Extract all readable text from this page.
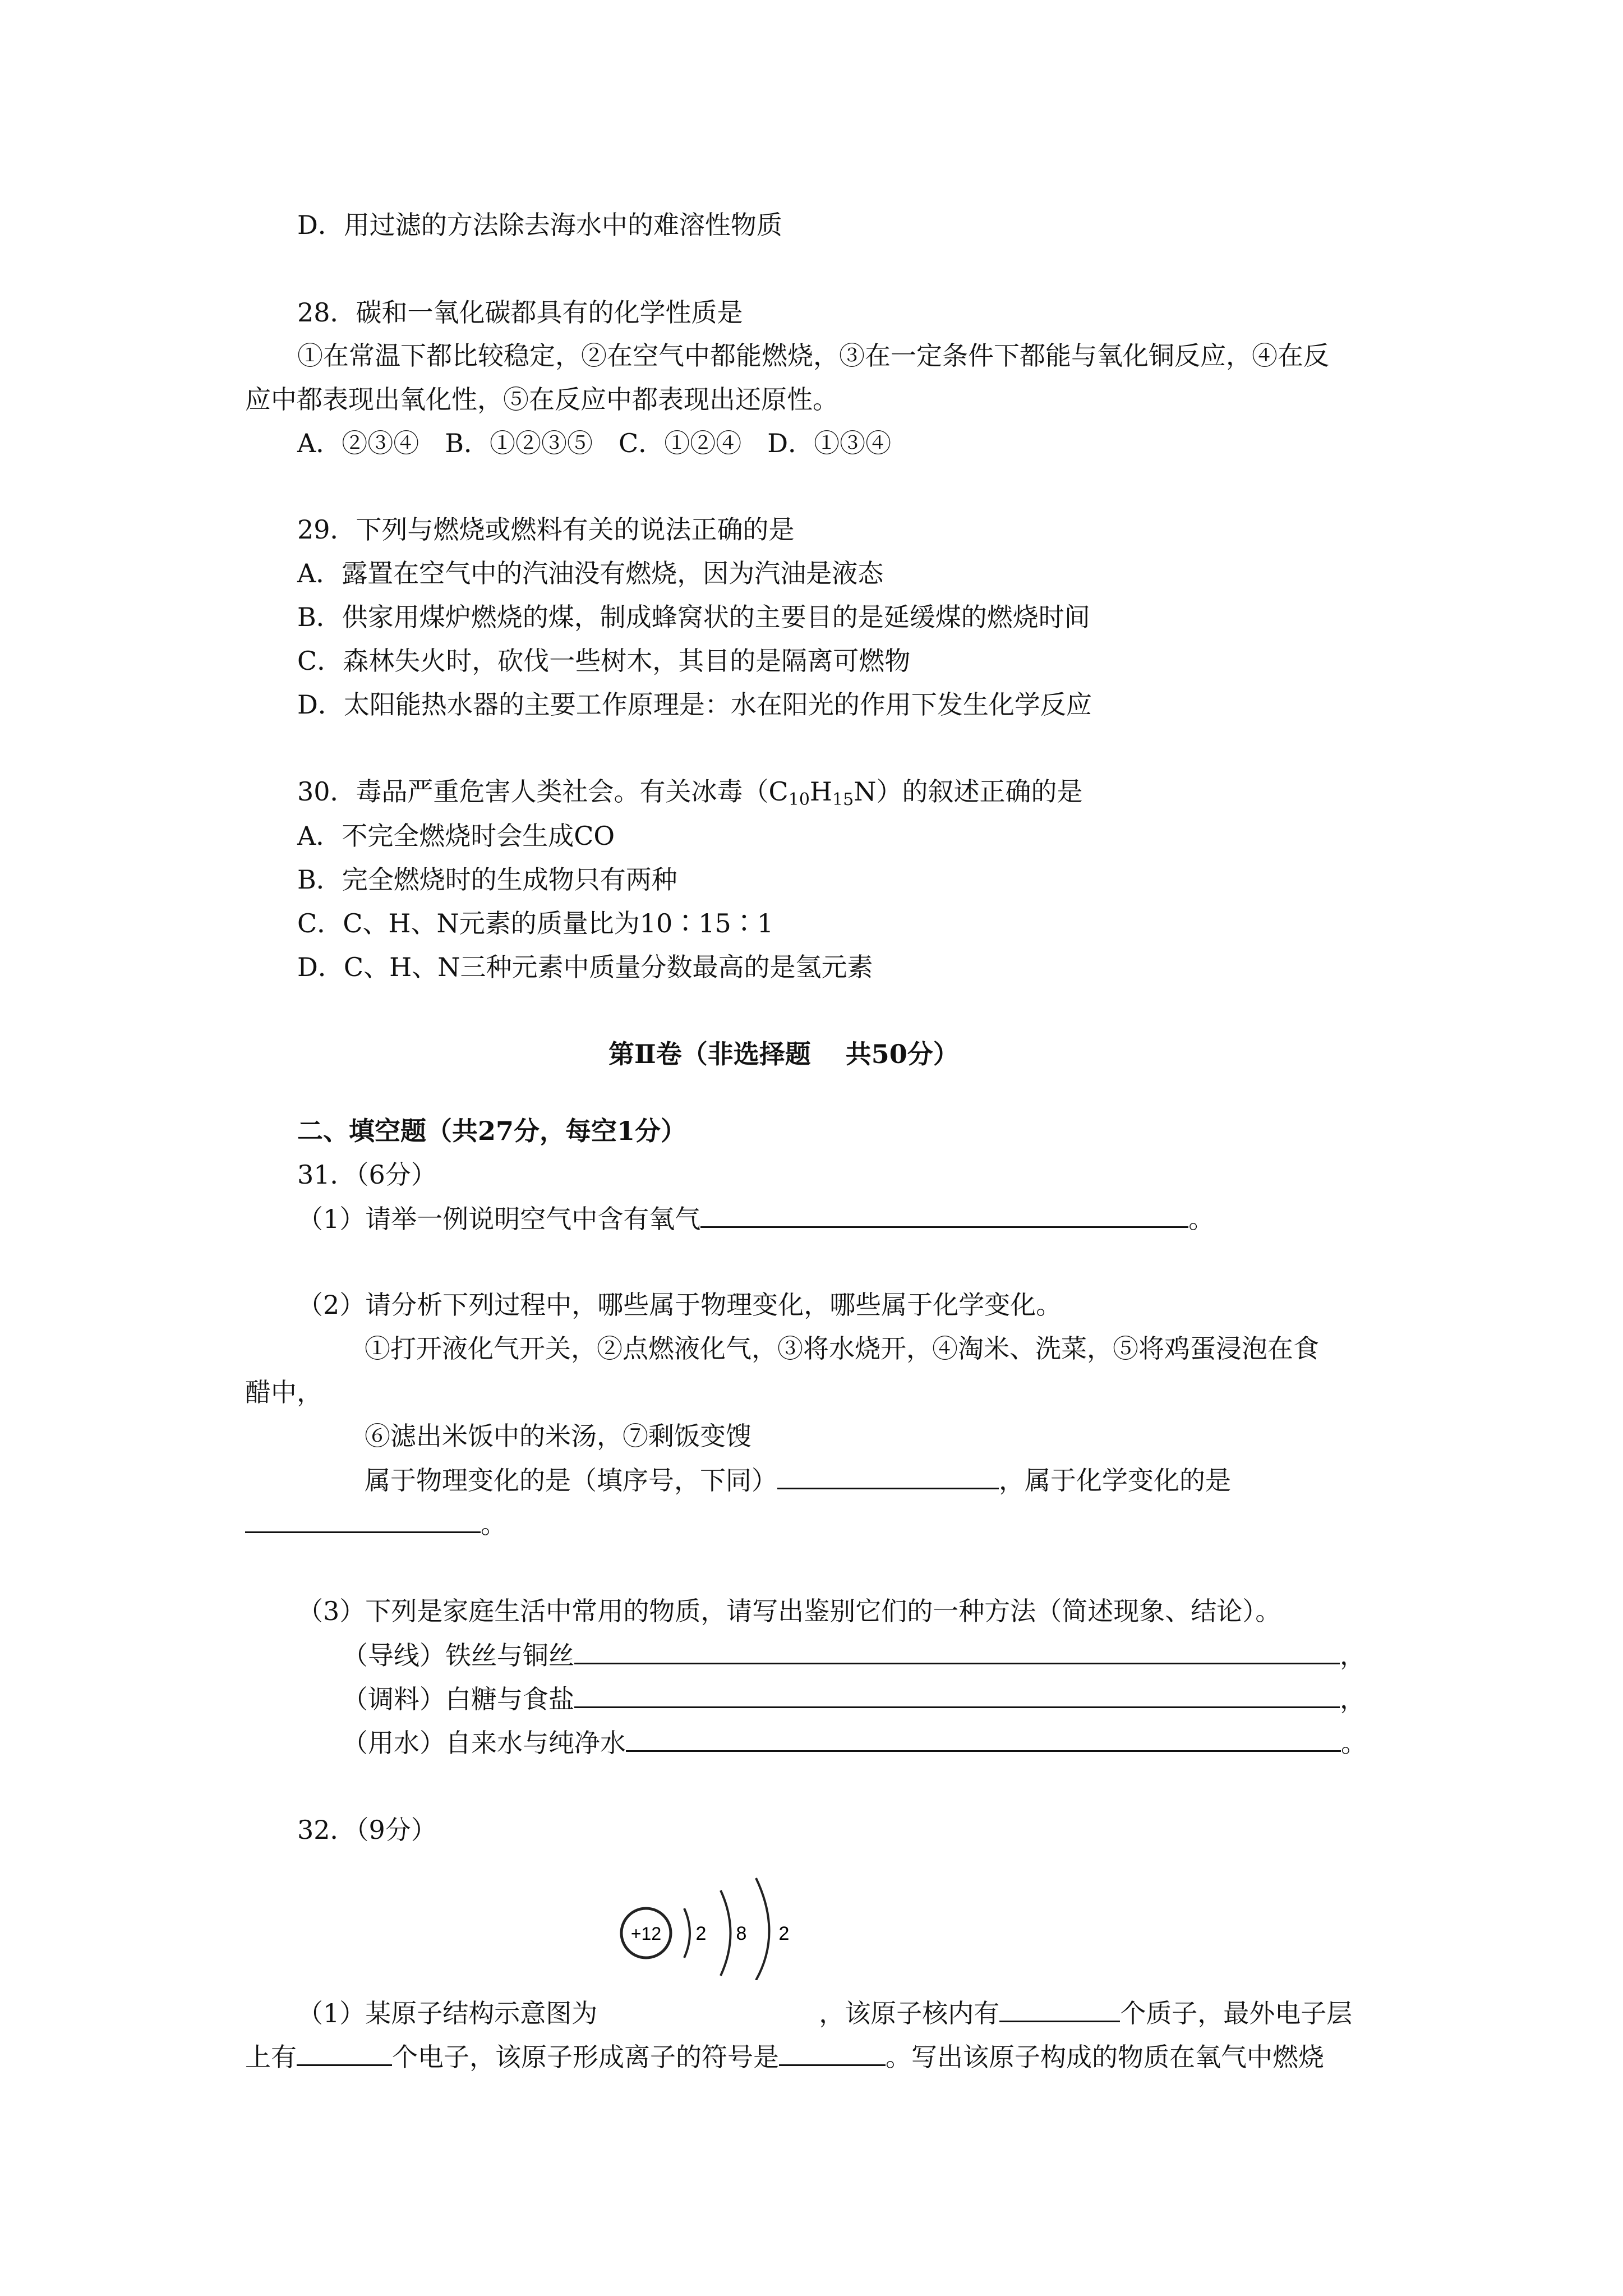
D．用过滤的方法除去海水中的难溶性物质
28．碳和一氧化碳都具有的化学性质是
①在常温下都比较稳定，②在空气中都能燃烧，③在一定条件下都能与氧化铜反应，④在反
应中都表现出氧化性，⑤在反应中都表现出还原性。
A．②③④　B．①②③⑤　C．①②④　D．①③④
29．下列与燃烧或燃料有关的说法正确的是
A．露置在空气中的汽油没有燃烧，因为汽油是液态
B．供家用煤炉燃烧的煤，制成蜂窝状的主要目的是延缓煤的燃烧时间
C．森林失火时，砍伐一些树木，其目的是隔离可燃物
D．太阳能热水器的主要工作原理是：水在阳光的作用下发生化学反应
30．毒品严重危害人类社会。有关冰毒$(C_{10}H_{15}N)$的叙述正确的是
A．不完全燃烧时会生成CO
B．完全燃烧时的生成物只有两种
C．C、H、N元素的质量比为10∶15∶1
D．C、H、N三种元素中质量分数最高的是氢元素
第Ⅱ卷（非选择题　 共50分）
二、填空题（共27分，每空1分）
31．（6分）
（1）请举一例说明空气中含有氧气	。
（2）请分析下列过程中，哪些属于物理变化，哪些属于化学变化。
①打开液化气开关，②点燃液化气，③将水烧开，④淘米、洗菜，⑤将鸡蛋浸泡在食
醋中，
⑥滤出米饭中的米汤，⑦剩饭变馊
属于物理变化的是（填序号，下同）	，属于化学变化的是
。
（3）下列是家庭生活中常用的物质，请写出鉴别它们的一种方法（简述现象、结论）。
（导线）铁丝与铜丝	，
（调料）白糖与食盐	，
（用水）自来水与纯净水	。
32．（9分）
+12 2 8 2
（1）某原子结构示意图为	，该原子核内有	个质子，最外电子层
上有	个电子，该原子形成离子的符号是	。写出该原子构成的物质在氧气中燃烧
